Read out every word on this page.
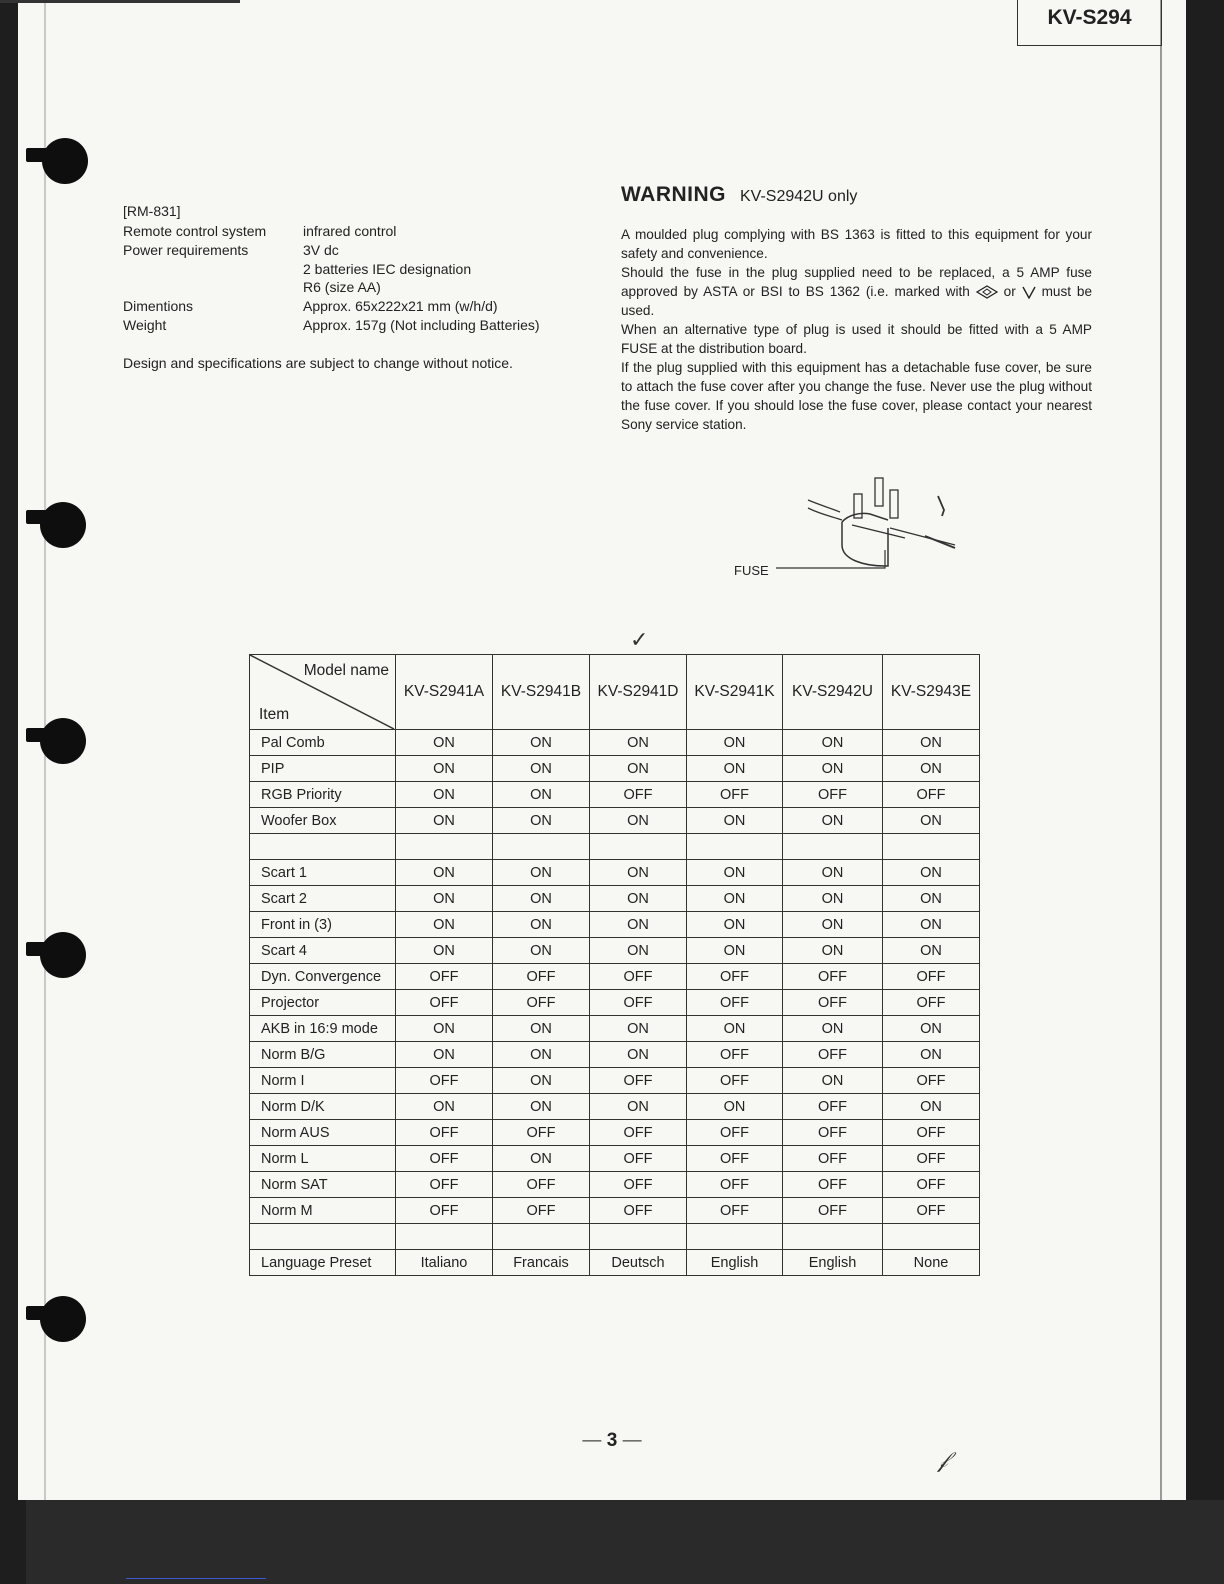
KV-S294
[RM-831]
Remote control system	infrared control
Power requirements	3V dc
2 batteries IEC designation
R6 (size AA)
Dimentions	Approx. 65x222x21 mm (w/h/d)
Weight	Approx. 157g (Not including Batteries)
Design and specifications are subject to change without notice.
WARNING KV-S2942U only

A moulded plug complying with BS 1363 is fitted to this equipment for your safety and convenience.

Should the fuse in the plug supplied need to be replaced, a 5 AMP fuse approved by ASTA or BSI to BS 1362 (i.e. marked with or must be used.

When an alternative type of plug is used it should be fitted with a 5 AMP FUSE at the distribution board.

If the plug supplied with this equipment has a detachable fuse cover, be sure to attach the fuse cover after you change the fuse. Never use the plug without the fuse cover. If you should lose the fuse cover, please contact your nearest Sony service station.

FUSE
✓
Model name
Item	KV-S2941A	KV-S2941B	KV-S2941D	KV-S2941K	KV-S2942U	KV-S2943E
Pal Comb	ON	ON	ON	ON	ON	ON
PIP	ON	ON	ON	ON	ON	ON
RGB Priority	ON	ON	OFF	OFF	OFF	OFF
Woofer Box	ON	ON	ON	ON	ON	ON

Scart 1	ON	ON	ON	ON	ON	ON
Scart 2	ON	ON	ON	ON	ON	ON
Front in (3)	ON	ON	ON	ON	ON	ON
Scart 4	ON	ON	ON	ON	ON	ON
Dyn. Convergence	OFF	OFF	OFF	OFF	OFF	OFF
Projector	OFF	OFF	OFF	OFF	OFF	OFF
AKB in 16:9 mode	ON	ON	ON	ON	ON	ON
Norm B/G	ON	ON	ON	OFF	OFF	ON
Norm I	OFF	ON	OFF	OFF	ON	OFF
Norm D/K	ON	ON	ON	ON	OFF	ON
Norm AUS	OFF	OFF	OFF	OFF	OFF	OFF
Norm L	OFF	ON	OFF	OFF	OFF	OFF
Norm SAT	OFF	OFF	OFF	OFF	OFF	OFF
Norm M	OFF	OFF	OFF	OFF	OFF	OFF

Language Preset	Italiano	Francais	Deutsch	English	English	None
— 3 —
𝒻
